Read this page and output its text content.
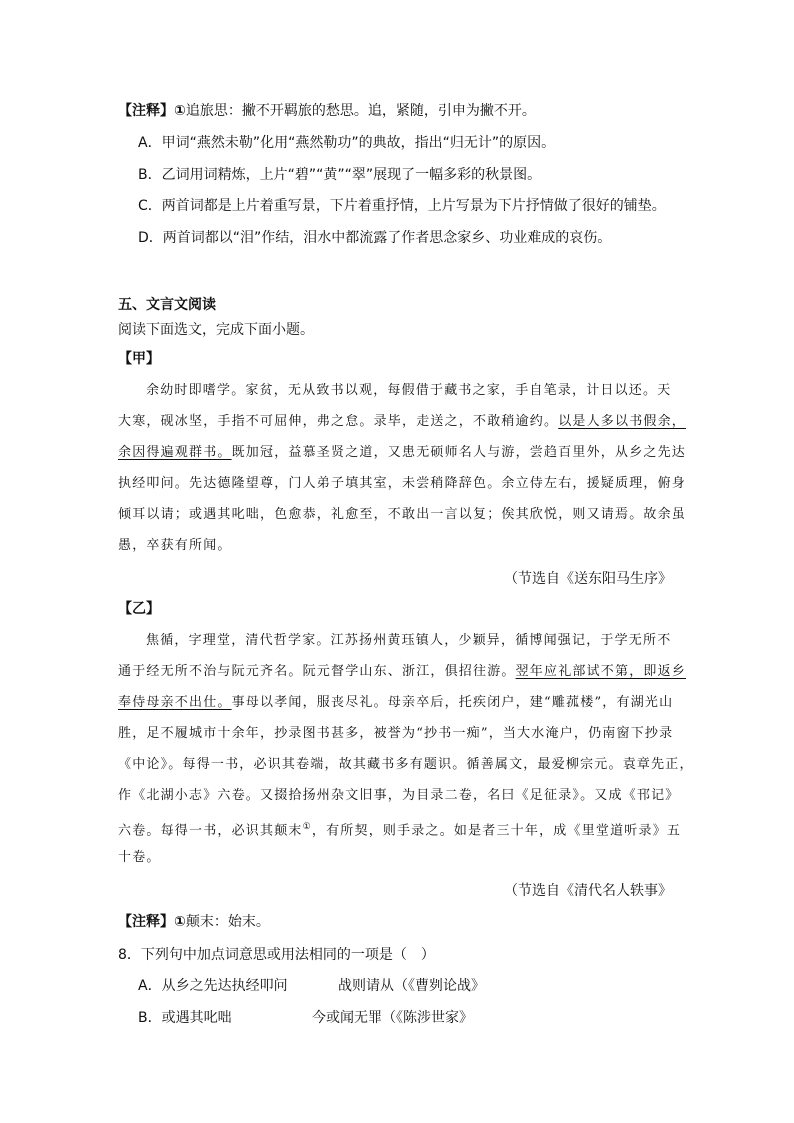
【注释】①追旅思：撇不开羁旅的愁思。追，紧随，引申为撇不开。
A．甲词“燕然未勒”化用“燕然勒功”的典故，指出“归无计”的原因。
B．乙词用词精炼，上片“碧”“黄”“翠”展现了一幅多彩的秋景图。
C．两首词都是上片着重写景，下片着重抒情，上片写景为下片抒情做了很好的铺垫。
D．两首词都以“泪”作结，泪水中都流露了作者思念家乡、功业难成的哀伤。
五、文言文阅读
阅读下面选文，完成下面小题。
【甲】
余幼时即嗜学。家贫，无从致书以观，每假借于藏书之家，手自笔录，计日以还。天
大寒，砚冰坚，手指不可屈伸，弗之怠。录毕，走送之，不敢稍逾约。以是人多以书假余，
余因得遍观群书。既加冠，益慕圣贤之道，又患无硕师名人与游，尝趋百里外，从乡之先达
执经叩问。先达德隆望尊，门人弟子填其室，未尝稍降辞色。余立侍左右，援疑质理，俯身
倾耳以请；或遇其叱咄，色愈恭，礼愈至，不敢出一言以复；俟其欣悦，则又请焉。故余虽
愚，卒获有所闻。
（节选自《送东阳马生序》
【乙】
焦循，字理堂，清代哲学家。江苏扬州黄珏镇人，少颖异，循博闻强记，于学无所不
通于经无所不治与阮元齐名。阮元督学山东、浙江，俱招往游。翌年应礼部试不第，即返乡
奉侍母亲不出仕。事母以孝闻，服丧尽礼。母亲卒后，托疾闭户，建“雕菰楼”，有湖光山
胜，足不履城市十余年，抄录图书甚多，被誉为“抄书一痴”，当大水淹户，仍南窗下抄录
《中论》。每得一书，必识其卷端，故其藏书多有题识。循善属文，最爱柳宗元。袁章先正，
作《北湖小志》六卷。又掇拾扬州杂文旧事，为目录二卷，名曰《足征录》。又成《邗记》
六卷。每得一书，必识其颠末①，有所契，则手录之。如是者三十年，成《里堂道听录》五
十卷。
（节选自《清代名人轶事》
【注释】①颠末：始末。
8．下列句中加点词意思或用法相同的一项是（　）
A．从乡之先达执经叩问	战则请从（《曹刿论战》
B．或遇其叱咄	今或闻无罪（《陈涉世家》
